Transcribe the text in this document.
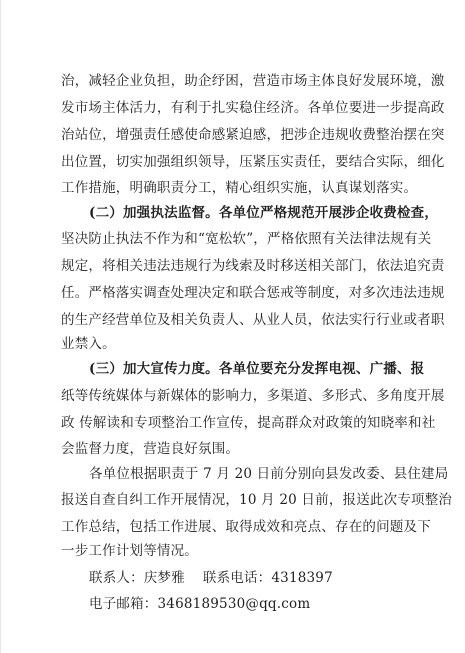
治，减轻企业负担，助企纾困，营造市场主体良好发展环境，激
发市场主体活力，有利于扎实稳住经济。各单位要进一步提高政
治站位，增强责任感使命感紧迫感，把涉企违规收费整治摆在突
出位置，切实加强组织领导，压紧压实责任，要结合实际，细化
工作措施，明确职责分工，精心组织实施，认真谋划落实。
(二）加强执法监督。各单位严格规范开展涉企收费检查，
坚决防止执法不作为和“宽松软”，严格依照有关法律法规有关
规定，将相关违法违规行为线索及时移送相关部门，依法追究责
任。严格落实调查处理决定和联合惩戒等制度，对多次违法违规
的生产经营单位及相关负责人、从业人员，依法实行行业或者职
业禁入。
(三）加大宣传力度。各单位要充分发挥电视、广播、报
纸等传统媒体与新媒体的影响力，多渠道、多形式、多角度开展
政 传解读和专项整治工作宣传，提高群众对政策的知晓率和社
会监督力度，营造良好氛围。
各单位根据职责于 7 月 20 日前分别向县发改委、县住建局
报送自查自纠工作开展情况，10 月 20 日前，报送此次专项整治
工作总结，包括工作进展、取得成效和亮点、存在的问题及下
一步工作计划等情况。
联系人：庆梦雅    联系电话：4318397
电子邮箱：3468189530@qq.com
